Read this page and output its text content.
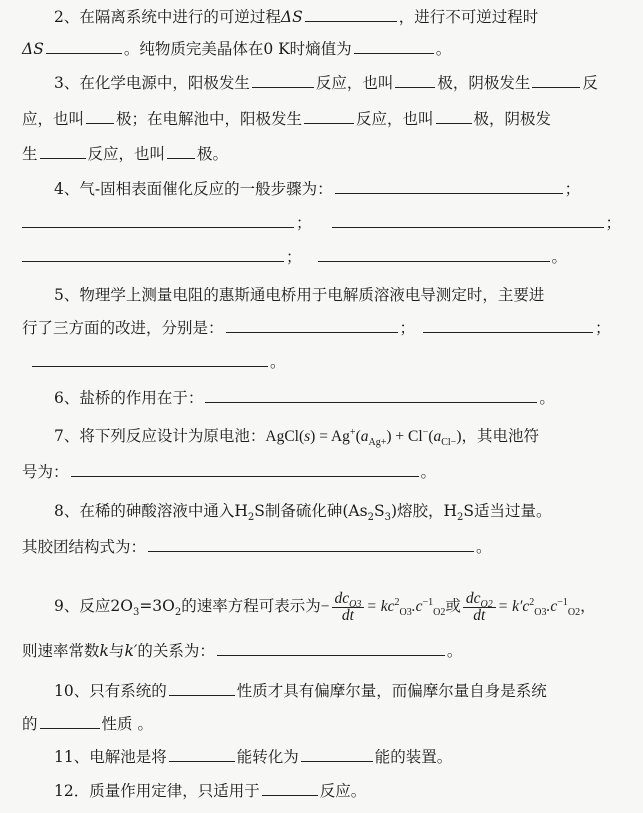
2、在隔离系统中进行的可逆过程ΔS	，进行不可逆过程时
ΔS	。纯物质完美晶体在0 K时熵值为	。
3、在化学电源中，阳极发生	反应，也叫	极，阴极发生	反
应，也叫 极；在电解池中，阳极发生	反应，也叫	极，阴极发
生	反应，也叫 极。
4、气-固相表面催化反应的一般步骤为：	；
；	；
；	。
5、物理学上测量电阻的惠斯通电桥用于电解质溶液电导测定时，主要进
行了三方面的改进，分别是：	；	；
。
6、盐桥的作用在于：	。
7、将下列反应设计为原电池：AgCl(s) = $Ag^+(a_{Ag+}) + Cl^-(a_{Cl-})$，其电池符
号为：	。
8、在稀的砷酸溶液中通入$H_2S$制备硫化砷$(As_2S_3)$熔胶，$H_2S$适当过量。
其胶团结构式为：	。
9、反应$2O_3=3O_2$的速率方程可表示为− $\frac{dc_{O3}}{dt} = kc^2_{O3}.c^{-1}_{O2}$或 $\frac{dc_{O2}}{dt} = k'c^2_{O3}.c^{-1}_{O2}$，
则速率常数k与k′的关系为：	。
10、只有系统的	性质才具有偏摩尔量，而偏摩尔量自身是系统
的	性质 。
11、电解池是将	能转化为	能的装置。
12．质量作用定律，只适用于	反应。
